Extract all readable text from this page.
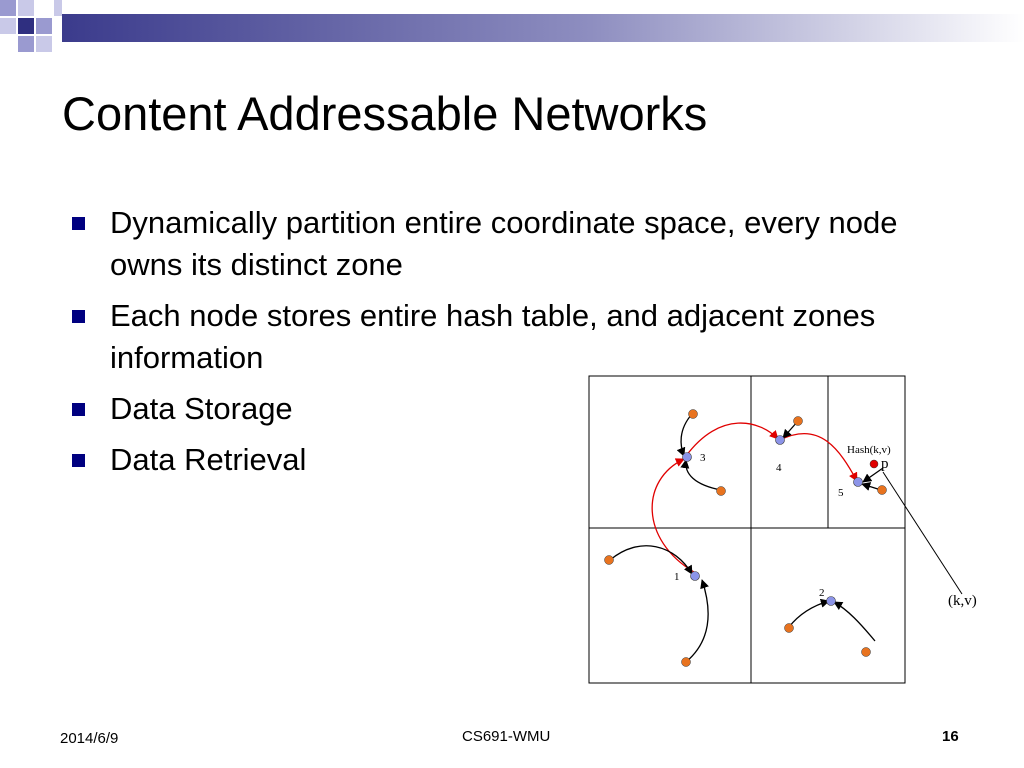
Content Addressable Networks
Dynamically partition entire coordinate space, every node owns its distinct zone
Each node stores entire hash table, and adjacent zones information
Data Storage
Data Retrieval
1
2
3
4
5
Hash(k,v)
p
(k,v)
2014/6/9	CS691-WMU	16
